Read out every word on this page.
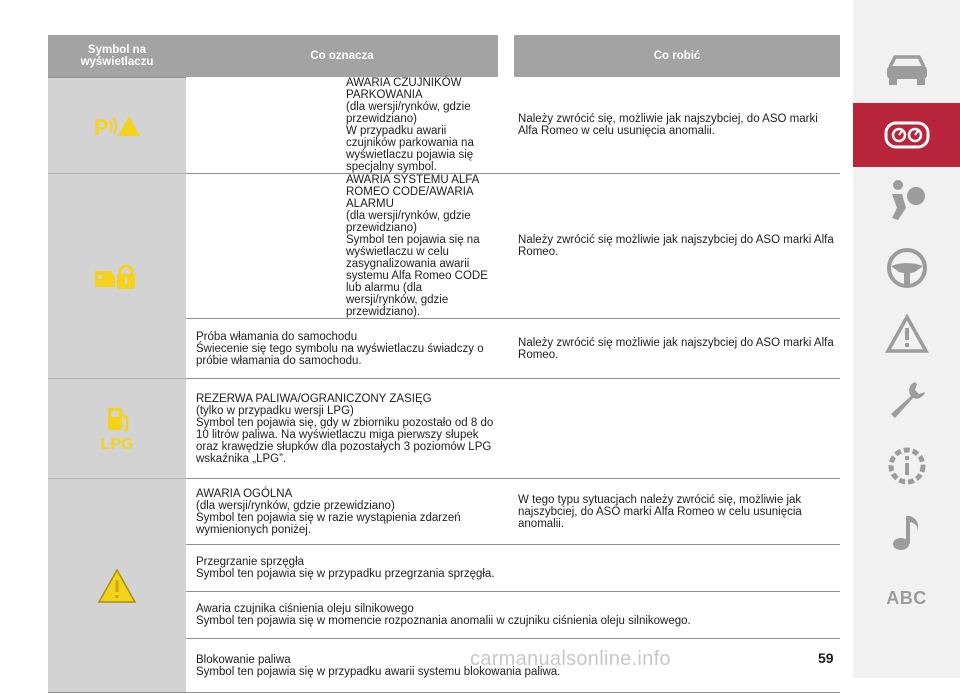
Symbol na wyświetlaczu	Co oznacza		Co robić

P	AWARIA CZUJNIKÓW PARKOWANIA
(dla wersji/rynków, gdzie przewidziano)
W przypadku awarii czujników parkowania na wyświetlaczu pojawia się specjalny symbol.		Należy zwrócić się, możliwie jak najszybciej, do ASO marki Alfa Romeo w celu usunięcia anomalii.
	AWARIA SYSTEMU ALFA ROMEO CODE/AWARIA ALARMU
(dla wersji/rynków, gdzie przewidziano)
Symbol ten pojawia się na wyświetlaczu w celu zasygnalizowania awarii systemu Alfa Romeo CODE lub alarmu (dla wersji/rynków, gdzie przewidziano).		Należy zwrócić się możliwie jak najszybciej do ASO marki Alfa Romeo.
	Próba włamania do samochodu
Świecenie się tego symbolu na wyświetlaczu świadczy o próbie włamania do samochodu.		Należy zwrócić się możliwie jak najszybciej do ASO marki Alfa Romeo.

LPG	REZERWA PALIWA/OGRANICZONY ZASIĘG
(tylko w przypadku wersji LPG)
Symbol ten pojawia się, gdy w zbiorniku pozostało od 8 do 10 litrów paliwa. Na wyświetlaczu miga pierwszy słupek oraz krawędzie słupków dla pozostałych 3 poziomów LPG wskaźnika „LPG”.		
	AWARIA OGÓLNA
(dla wersji/rynków, gdzie przewidziano)
Symbol ten pojawia się w razie wystąpienia zdarzeń wymienionych poniżej.		W tego typu sytuacjach należy zwrócić się, możliwie jak najszybciej, do ASO marki Alfa Romeo w celu usunięcia anomalii.
	Przegrzanie sprzęgła
Symbol ten pojawia się w przypadku przegrzania sprzęgła.		
	Awaria czujnika ciśnienia oleju silnikowego
Symbol ten pojawia się w momencie rozpoznania anomalii w czujniku ciśnienia oleju silnikowego.		
	Blokowanie paliwa
Symbol ten pojawia się w przypadku awarii systemu blokowania paliwa.		
ABC
carmanualsonline.info	59
